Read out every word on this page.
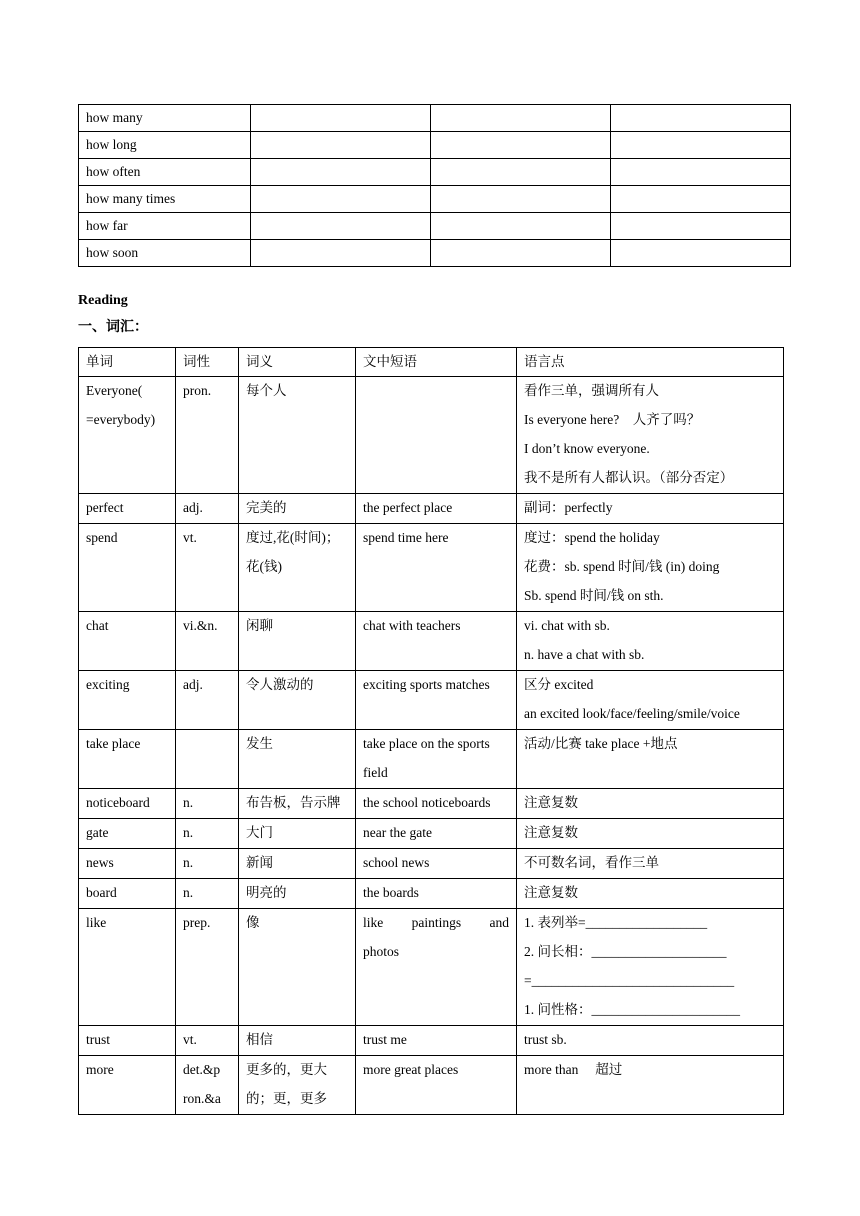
how many			
how long			
how often			
how many times			
how far			
how soon			
Reading
一、词汇：
单词	词性	词义	文中短语	语言点

Everyone(
=everybody)	pron.	每个人		看作三单，强调所有人
Is everyone here?　人齐了吗？
I don’t know everyone.
我不是所有人都认识。（部分否定）

perfect	adj.	完美的	the perfect place	副词：perfectly

spend	vt.	度过,花(时间)；
花(钱)	spend time here	度过：spend the holiday
花费：sb. spend 时间/钱 (in) doing
Sb. spend 时间/钱 on sth.

chat	vi.&n.	闲聊	chat with teachers	vi. chat with sb.
n. have a chat with sb.

exciting	adj.	令人激动的	exciting sports matches	区分 excited
an excited look/face/feeling/smile/voice

take place		发生	take place on the sports
field	活动/比赛 take place +地点

noticeboard	n.	布告板，告示牌	the school noticeboards	注意复数

gate	n.	大门	near the gate	注意复数

news	n.	新闻	school news	不可数名词，看作三单

board	n.	明亮的	the boards	注意复数

like	prep.	像	like paintings and
photos	1. 表列举=__________________
2. 问长相：____________________
=______________________________
1. 问性格：______________________

trust	vt.	相信	trust me	trust sb.

more	det.&p
ron.&a	更多的，更大
的；更，更多	more great places	more than　 超过
